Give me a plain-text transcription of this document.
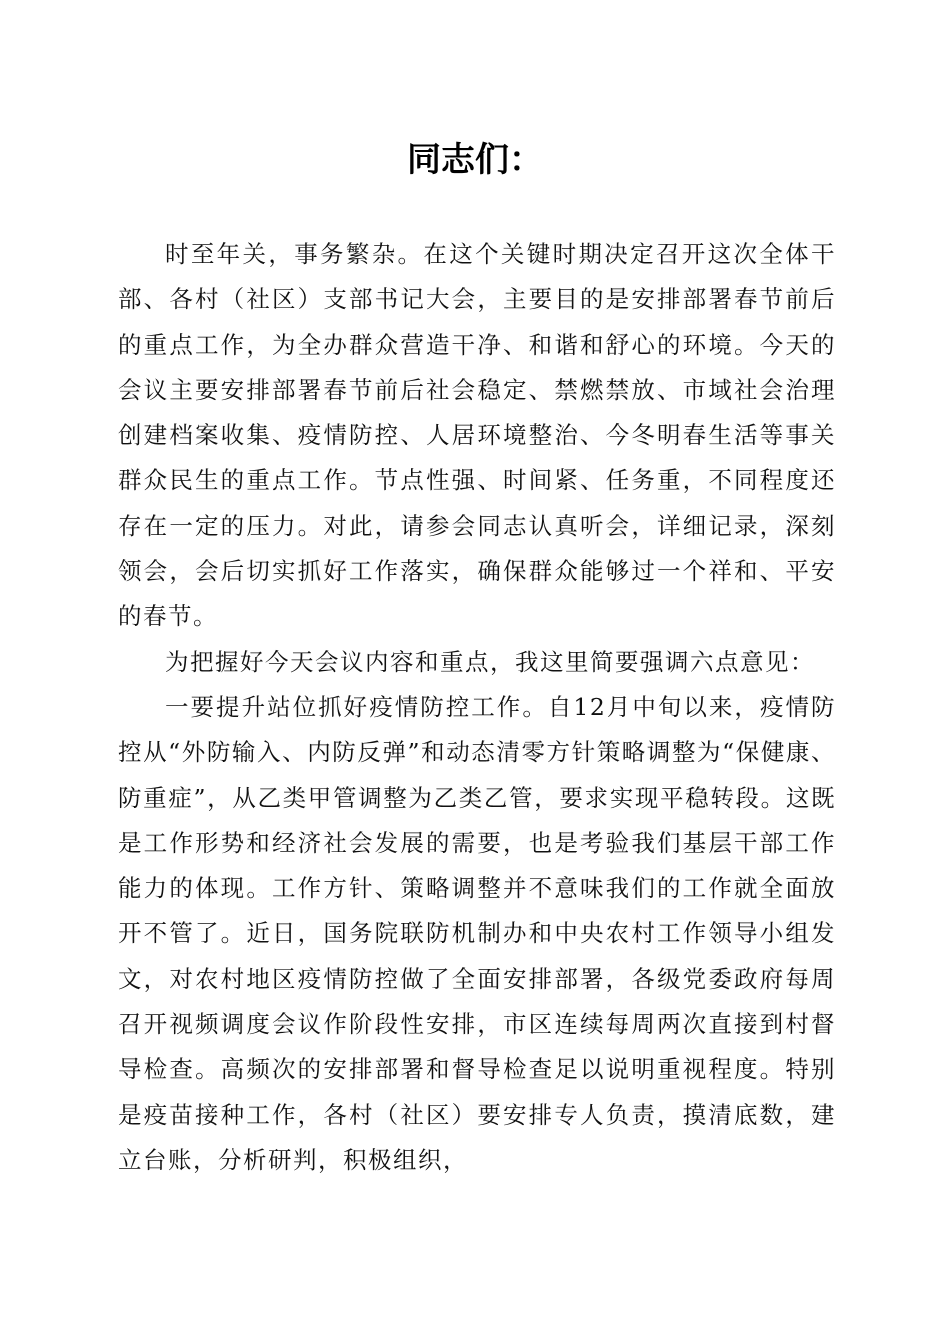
同志们：

时至年关，事务繁杂。在这个关键时期决定召开这次全体干部、各村（社区）支部书记大会，主要目的是安排部署春节前后的重点工作，为全办群众营造干净、和谐和舒心的环境。今天的会议主要安排部署春节前后社会稳定、禁燃禁放、市域社会治理创建档案收集、疫情防控、人居环境整治、今冬明春生活等事关群众民生的重点工作。节点性强、时间紧、任务重，不同程度还存在一定的压力。对此，请参会同志认真听会，详细记录，深刻领会，会后切实抓好工作落实，确保群众能够过一个祥和、平安的春节。

为把握好今天会议内容和重点，我这里简要强调六点意见：

一要提升站位抓好疫情防控工作。自12月中旬以来，疫情防控从“外防输入、内防反弹”和动态清零方针策略调整为“保健康、防重症”，从乙类甲管调整为乙类乙管，要求实现平稳转段。这既是工作形势和经济社会发展的需要，也是考验我们基层干部工作能力的体现。工作方针、策略调整并不意味我们的工作就全面放开不管了。近日，国务院联防机制办和中央农村工作领导小组发文，对农村地区疫情防控做了全面安排部署，各级党委政府每周召开视频调度会议作阶段性安排，市区连续每周两次直接到村督导检查。高频次的安排部署和督导检查足以说明重视程度。特别是疫苗接种工作，各村（社区）要安排专人负责，摸清底数，建立台账，分析研判，积极组织，
